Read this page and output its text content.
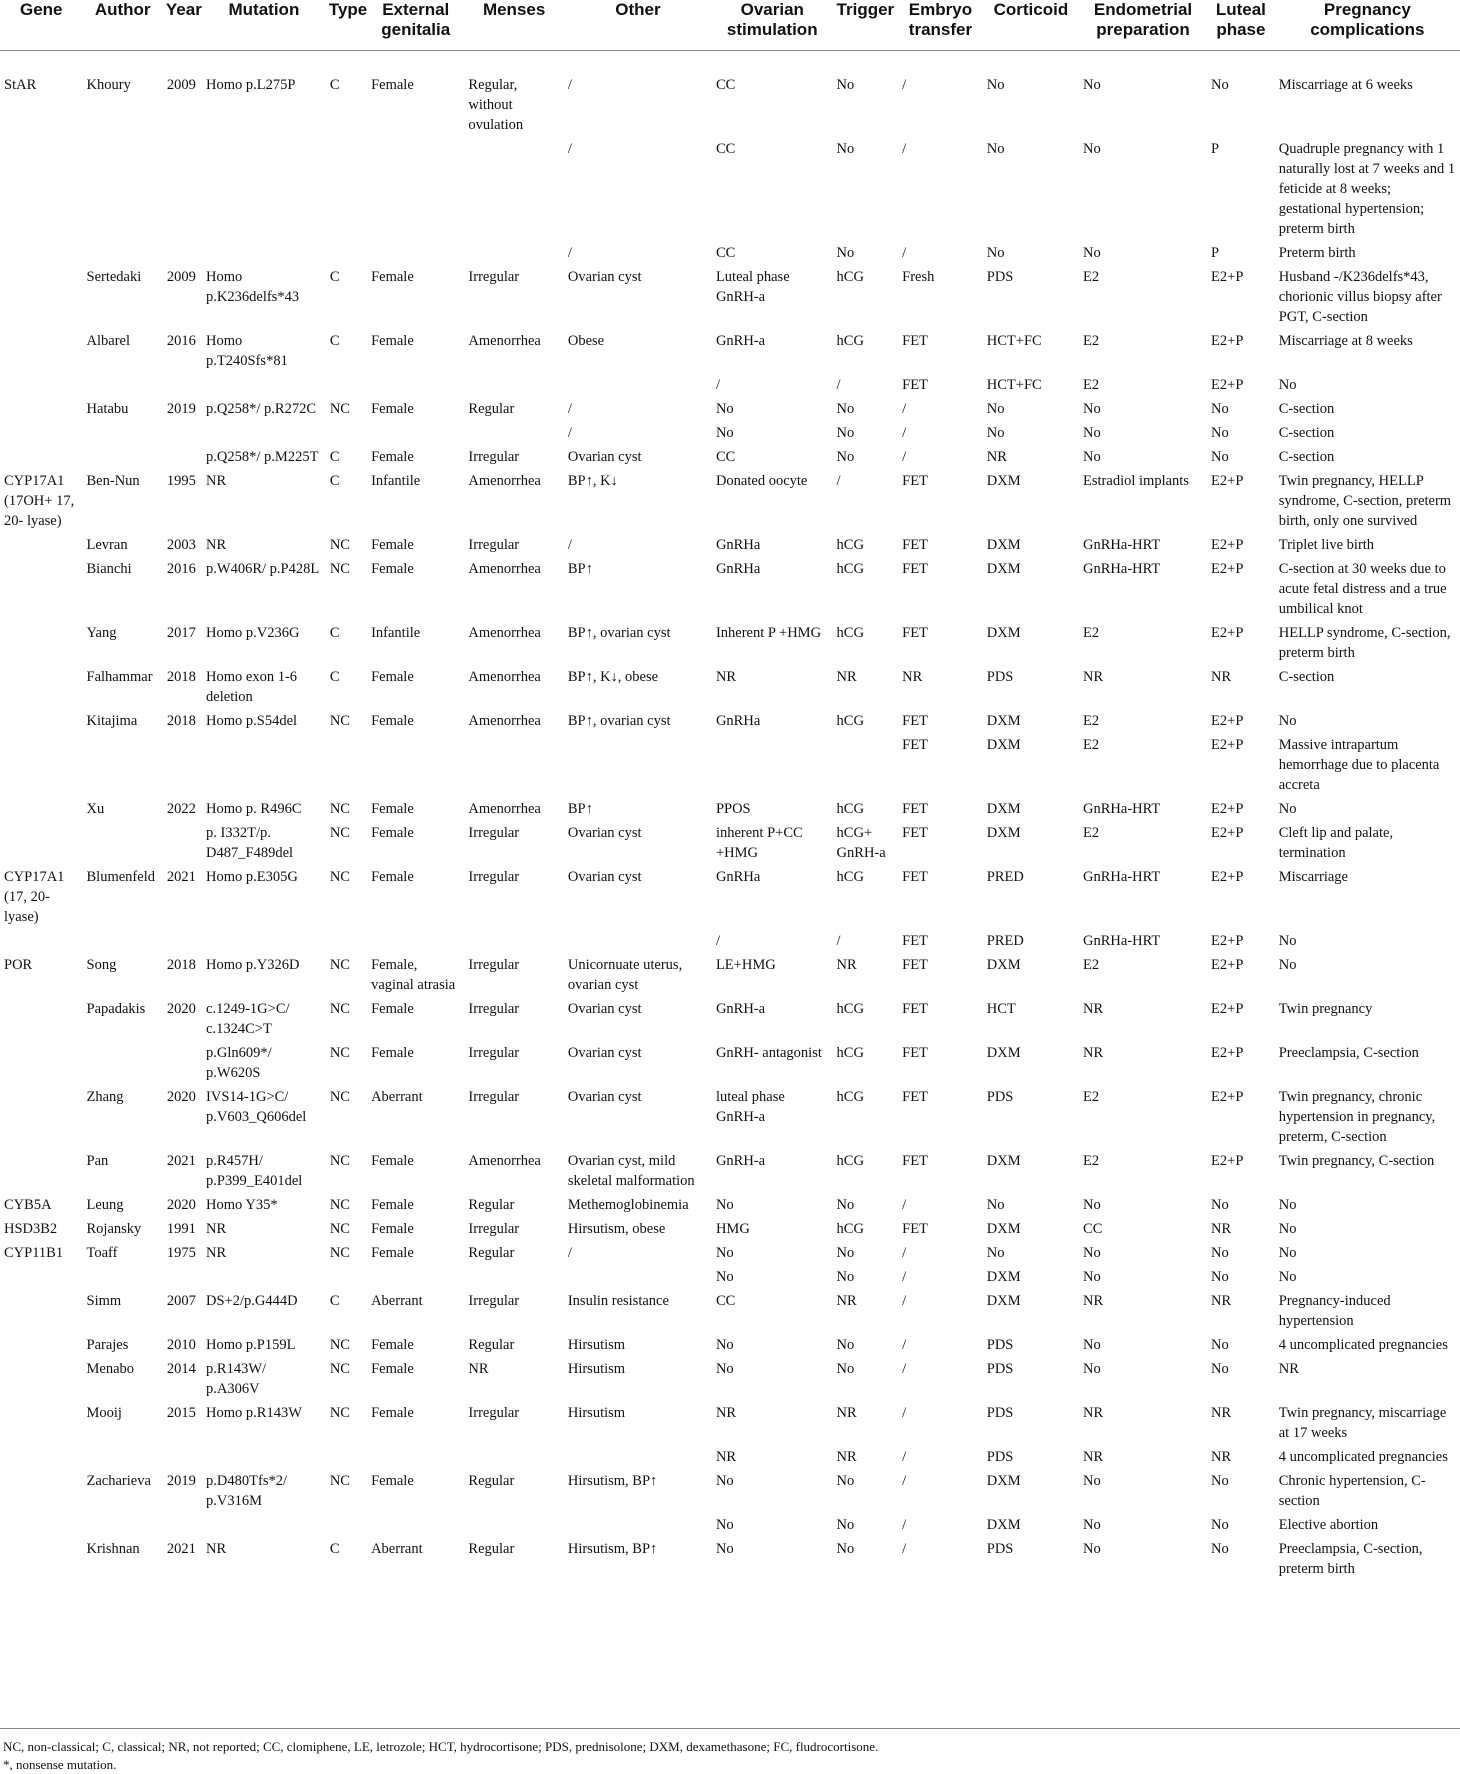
Gene	Author	Year	Mutation	Type	External genitalia	Menses	Other	Ovarian stimulation	Trigger	Embryo transfer	Corticoid	Endometrial preparation	Luteal phase	Pregnancy complications
StAR	Khoury	2009	Homo p.L275P	C	Female	Regular, without ovulation	/	CC	No	/	No	No	No	Miscarriage at 6 weeks
							/	CC	No	/	No	No	P	Quadruple pregnancy with 1 naturally lost at 7 weeks and 1 feticide at 8 weeks; gestational hypertension; preterm birth
							/	CC	No	/	No	No	P	Preterm birth
	Sertedaki	2009	Homo p.K236delfs*43	C	Female	Irregular	Ovarian cyst	Luteal phase GnRH-a	hCG	Fresh	PDS	E2	E2+P	Husband -/K236delfs*43, chorionic villus biopsy after PGT, C-section
	Albarel	2016	Homo p.T240Sfs*81	C	Female	Amenorrhea	Obese	GnRH-a	hCG	FET	HCT+FC	E2	E2+P	Miscarriage at 8 weeks
								/	/	FET	HCT+FC	E2	E2+P	No
	Hatabu	2019	p.Q258*/ p.R272C	NC	Female	Regular	/	No	No	/	No	No	No	C-section
							/	No	No	/	No	No	No	C-section
			p.Q258*/ p.M225T	C	Female	Irregular	Ovarian cyst	CC	No	/	NR	No	No	C-section
CYP17A1 (17OH+ 17, 20- lyase)	Ben-Nun	1995	NR	C	Infantile	Amenorrhea	BP↑, K↓	Donated oocyte	/	FET	DXM	Estradiol implants	E2+P	Twin pregnancy, HELLP syndrome, C-section, preterm birth, only one survived
	Levran	2003	NR	NC	Female	Irregular	/	GnRHa	hCG	FET	DXM	GnRHa-HRT	E2+P	Triplet live birth
	Bianchi	2016	p.W406R/ p.P428L	NC	Female	Amenorrhea	BP↑	GnRHa	hCG	FET	DXM	GnRHa-HRT	E2+P	C-section at 30 weeks due to acute fetal distress and a true umbilical knot
	Yang	2017	Homo p.V236G	C	Infantile	Amenorrhea	BP↑, ovarian cyst	Inherent P +HMG	hCG	FET	DXM	E2	E2+P	HELLP syndrome, C-section, preterm birth
	Falhammar	2018	Homo exon 1-6 deletion	C	Female	Amenorrhea	BP↑, K↓, obese	NR	NR	NR	PDS	NR	NR	C-section
	Kitajima	2018	Homo p.S54del	NC	Female	Amenorrhea	BP↑, ovarian cyst	GnRHa	hCG	FET	DXM	E2	E2+P	No
										FET	DXM	E2	E2+P	Massive intrapartum hemorrhage due to placenta accreta
	Xu	2022	Homo p. R496C	NC	Female	Amenorrhea	BP↑	PPOS	hCG	FET	DXM	GnRHa-HRT	E2+P	No
			p. I332T/p. D487_F489del	NC	Female	Irregular	Ovarian cyst	inherent P+CC +HMG	hCG+ GnRH-a	FET	DXM	E2	E2+P	Cleft lip and palate, termination
CYP17A1 (17, 20- lyase)	Blumenfeld	2021	Homo p.E305G	NC	Female	Irregular	Ovarian cyst	GnRHa	hCG	FET	PRED	GnRHa-HRT	E2+P	Miscarriage
								/	/	FET	PRED	GnRHa-HRT	E2+P	No
POR	Song	2018	Homo p.Y326D	NC	Female, vaginal atrasia	Irregular	Unicornuate uterus, ovarian cyst	LE+HMG	NR	FET	DXM	E2	E2+P	No
	Papadakis	2020	c.1249-1G>C/ c.1324C>T	NC	Female	Irregular	Ovarian cyst	GnRH-a	hCG	FET	HCT	NR	E2+P	Twin pregnancy
			p.Gln609*/ p.W620S	NC	Female	Irregular	Ovarian cyst	GnRH- antagonist	hCG	FET	DXM	NR	E2+P	Preeclampsia, C-section
	Zhang	2020	IVS14-1G>C/ p.V603_Q606del	NC	Aberrant	Irregular	Ovarian cyst	luteal phase GnRH-a	hCG	FET	PDS	E2	E2+P	Twin pregnancy, chronic hypertension in pregnancy, preterm, C-section
	Pan	2021	p.R457H/ p.P399_E401del	NC	Female	Amenorrhea	Ovarian cyst, mild skeletal malformation	GnRH-a	hCG	FET	DXM	E2	E2+P	Twin pregnancy, C-section
CYB5A	Leung	2020	Homo Y35*	NC	Female	Regular	Methemoglobinemia	No	No	/	No	No	No	No
HSD3B2	Rojansky	1991	NR	NC	Female	Irregular	Hirsutism, obese	HMG	hCG	FET	DXM	CC	NR	No
CYP11B1	Toaff	1975	NR	NC	Female	Regular	/	No	No	/	No	No	No	No
								No	No	/	DXM	No	No	No
	Simm	2007	DS+2/p.G444D	C	Aberrant	Irregular	Insulin resistance	CC	NR	/	DXM	NR	NR	Pregnancy-induced hypertension
	Parajes	2010	Homo p.P159L	NC	Female	Regular	Hirsutism	No	No	/	PDS	No	No	4 uncomplicated pregnancies
	Menabo	2014	p.R143W/ p.A306V	NC	Female	NR	Hirsutism	No	No	/	PDS	No	No	NR
	Mooij	2015	Homo p.R143W	NC	Female	Irregular	Hirsutism	NR	NR	/	PDS	NR	NR	Twin pregnancy, miscarriage at 17 weeks
								NR	NR	/	PDS	NR	NR	4 uncomplicated pregnancies
	Zacharieva	2019	p.D480Tfs*2/ p.V316M	NC	Female	Regular	Hirsutism, BP↑	No	No	/	DXM	No	No	Chronic hypertension, C-section
								No	No	/	DXM	No	No	Elective abortion
	Krishnan	2021	NR	C	Aberrant	Regular	Hirsutism, BP↑	No	No	/	PDS	No	No	Preeclampsia, C-section, preterm birth
NC, non-classical; C, classical; NR, not reported; CC, clomiphene, LE, letrozole; HCT, hydrocortisone; PDS, prednisolone; DXM, dexamethasone; FC, fludrocortisone.
*, nonsense mutation.
